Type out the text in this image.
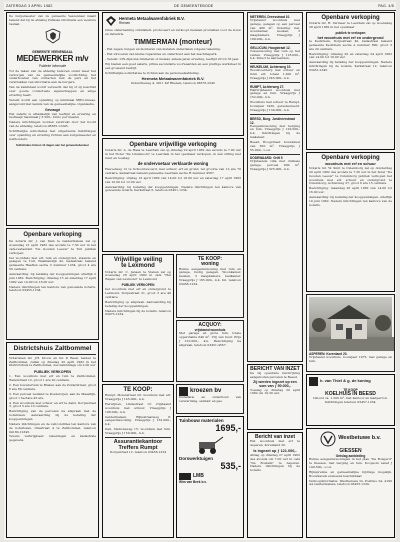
ZATERDAG 3 APRIL 1982	DE GEMEENTEBODE	PAG. 4/5

De burgemeester van de gemeente Veenendaal maakt bekend dat bij de afdeling Publieke Informatie een vacature bestaat.

GEMEENTE VEENENDAAL
MEDEWERKER m/v
Publieke Informatie

Tot de taken van de afdeling behoren onder meer het verzorgen van de gemeentelijke voorlichting, het onderhouden van contacten met de pers en het verstrekken van informatie aan de burgers.

Van de kandidaat wordt verwacht dat hij of zij beschikt over goede contactuele eigenschappen en enige ervaring heeft.

Vereist wordt een opleiding op minimaal MBO-niveau, aangevuld met kennis van de gemeentelijke organisatie.

Gevraagd

Het salaris is afhankelijk van leeftijd en ervaring en bedraagt maximaal ƒ 3.500,- bruto per maand.

Nadere inlichtingen worden verstrekt door het hoofd van de afdeling, telefoon 08385-12345.

Schriftelijke sollicitaties met uitgebreide inlichtingen over opleiding en ervaring richten aan burgemeester en wethouders.

Sollicitaties binnen 14 dagen aan het gemeentebestuur
Openbare verkoping

De notaris mr. J. van Dam te Geldermalsen zal op woensdag 21 april 1982 des avonds te 7.30 uur in het café-restaurant "De Gouden Leeuw" te Tuil publiek verkopen:

het woonhuis met erf, tuin en ondergrond, staande en gelegen te Tuil, Waalbandijk 42, kadastraal bekend gemeente Haaften sectie C nummer 1234, groot 4 are 50 centiare.

Aanvaarding: bij betaling der kooppenningen uiterlijk 2 juni 1982. Bezichtiging: dinsdag 13 en zaterdag 17 april 1982 van 14.00 tot 16.00 uur.

Nadere inlichtingen ten kantore van genoemde notaris, telefoon 03455-1234.

Districtshuis Zaltbommel

Notarissen mr. J.H. Kroon en mr. P. Beek, beiden te Zaltbommel, zullen op dinsdag 20 april 1982 in het Districtshuis te Zaltbommel, des namiddags om 2.00 uur

PUBLIEK VERKOPEN

1. Een woonhuis met erf en tuin te Zaltbommel, Waterstraat 12, groot 1 are 20 centiare.

2. Een bouwterrein te Brakel, aan de Zuiderstraat, groot 6 are 80 centiare.

3. Een perceel weiland te Poederoijen, aan de Maasdijk, groot 1 hectare 45 are.

4. Een woonhuis met schuur en erf te Aalst, Dorpsstraat 3, groot 5 are 10 centiare.

Bezichtiging van de percelen na afspraak met de notarissen. Aanvaarding bij de betaling der kooppenningen.

Nadere inlichtingen en de veilcondities ten kantore van de notarissen, Oliestraat 4 te Zaltbommel, telefoon 04180-12345.

Tevens verkrijgbaar: tekeningen en kadastrale gegevens.

Hermeta Metaalwarenfabriek B.V.
Rhenen

Onze onderneming ontwikkelt, produceert en verkoopt metalen produkten voor de bouw en industrie.

TIMMERMAN (monteur)

- Het zagen, buigen en monteren van metalen onderdelen volgens tekening.

- Het uitvoeren van kleine reparaties en onderhoud aan het machinepark.

- Vereist: LTS-diploma timmeren of metaal, enkele jaren ervaring, leeftijd 20 tot 35 jaar.

Wij bieden een goed salaris, prima secundaire voorwaarden en een prettige werksfeer in een groeiend bedrijf.

Schriftelijke sollicitaties te richten aan de personeelsafdeling.

Hermeta Metaalwarenfabriek B.V.

Industrieweg 4, 3911 KZ Rhenen, telefoon 08376-2345

Openbare vrijwillige verkoping

Notaris mr. A. de Haas te Leerdam zal op dinsdag 20 april 1982 des avonds te 7.00 uur in het Hotel "De Lindeboom" te Leerdam in het openbaar verkopen, in één zitting met inzet en toeslag:

de ondervoetaar verklaarde woning

Heuvelweg 12 te Schoonrewoerd, met schuur, erf en grond, ter grootte van 12 are 70 centiare, kadastraal bekend gemeente Leerdam sectie H nummer 4567.

Bezichtiging: vrijdag 16 april 1982 van 14.00 tot 16.00 uur en zaterdag 17 april 1982 van 10.00 tot 12.00 uur.

Aanvaarding: bij betaling der kooppenningen. Nadere inlichtingen ten kantore van genoemde notaris, Kerkstraat 6, telefoon 03451-1234.

Vrijwillige veiling
te Lexmond

Notaris mr. C. Jansen te Vianen zal op woensdag 28 april 1982 in café "Het Wapen van Lexmond" te Lexmond

PUBLIEK VERKOPEN

het woonhuis met erf en ondergrond te Lexmond, Dorpsstraat 21, groot 3 are 40 centiare.

Bezichtiging op afspraak. Aanvaarding bij betaling der kooppenningen.

Nadere inlichtingen bij de notaris, telefoon 03473-1234.

TE KOOP:
woning

Ruime eengezinswoning met tuin en garage, rustig gelegen. Woonkamer, keuken, 3 slaapkamers, badkamer. Vraagprijs ƒ 165.000,- k.k. Inl. telefoon 03458-1234.

ACQUOY:
vrijstaand woonhuis

Met garage en grote tuin, totale oppervlakte 640 m². Vrij van huur. Prijs ƒ 210.000,- k.k. Bezichtiging na afspraak, telefoon 03451-4567.

TE KOOP:

Rumpt, Molenstraat 20: woonhuis met erf. Vraagprijs ƒ 145.000,- k.k.

Herwijnen, Lindestraat 12: vrijstaand woonhuis met schuur. Vraagprijs ƒ 198.000,- k.k.

Geldermalsen, Rijksstraatweg 8: eengezinswoning. Vraagprijs ƒ 132.000,- k.k.

Deil, Stationsweg 15: woonhuis met tuin. Vraagprijs ƒ 159.000,- k.k.

Assurantiekantoor Treffers Rumpt

Dorpsstraat 12, telefoon 03458-1234

kroezen bv

Installatie en onderhoud van verwarming, sanitair en gas.

Tuinbouw materialen
1695,-
Dorswerktuigen
535,-
LMB
Wim van Beek b.v.
METEREN, Dreesstraat 10.

Vrijstaand woonhuis met garage, gelegen op een perceel van 480 m². Indeling: hal, woonkamer, keuken, 3 slaapkamers. Vraagprijs ƒ 189.000,- k.k.

GELLICUM, Hoogstraat 12.

Tussenwoning met tuin op het zuiden. Vraagprijs ƒ 118.000,- k.k. Direct te aanvaarden.

HEUKELUM, Achterweg 10.

Woonboerderij met schuur en ruim erf, totaal 1.200 m². Vraagprijs ƒ 245.000,- k.k.

RUMPT, Achterweg 27.

Halfvrijstaand woonhuis met garage en tuin. Vraagprijs ƒ 152.000,- k.k.

Woonhuis met schuur te Rumpt, bouwjaar 1930, gerestaureerd. Vraagprijs ƒ 139.000,- k.k.

BEESD, Burg. Jonkheerstraat 12.

Eengezinswoning met berging en tuin. Vraagprijs ƒ 129.500,- k.k. Inlichtingen bij de makelaar.

Beesd, Hoogstraat: bouwkavel van 620 m². Vraagprijs ƒ 55.000,- v.o.n.

DODEWAARD: Grift 5

Vrijstaande villa met dubbele garage, perceel 900 m². Vraagprijs ƒ 325.000,- k.k.

BERICHT VAN INZET

De bij openbare inschrijving aangeboden percelen te Beesd.

Zij werden ingezet op een som van ƒ 50.000,-

Toeslag op dinsdag 20 april 1982 om 19.30 uur.

Bericht van inzet

Het woonhuis met erf te Asperen, Korenland 20.

Is ingezet op ƒ 121.000,-

Afslag op dinsdag 27 april 1982 des avonds om 7.00 uur in café "De Roskam" te Asperen. Nadere inlichtingen bij de notaris.

Openbare verkoping

Notaris mr. H. Vermeer te Leerdam zal op woensdag 28 april 1982 in het openbaar

publiek te verkopen
het woonhuis met erf en ondergrond

te Kedichem, Dorpsstraat 40, kadastraal bekend gemeente Kedichem sectie A nummer 890, groot 3 are 20 centiare.

Bezichtiging: dinsdag 20 en zaterdag 24 april 1982 van 14.00 tot 16.00 uur.

Aanvaarding bij betaling der kooppenningen. Nadere inlichtingen bij de notaris, Kerkstraat 12, telefoon 03451-2345.

Openbare verkoping
woonhuis met erf en schuur

Notaris mr. W. Smit te Culemborg zal op donderdag 29 april 1982 des avonds te 7.30 uur in het hotel "De Gouden Leeuw" te Culemborg publiek verkopen het woonhuis met erf, schuur en ondergrond te Culemborg, Achterweg 27, groot 6 are 15 centiare.

Bezichtiging: maandag 26 april 1982 van 14.00 tot 16.00 uur.

Aanvaarding: bij betaling der kooppenningen, uiterlijk 10 juni 1982. Nadere inlichtingen ten kantore van de notaris.

ASPEREN: Korenland 20.

Vrijstaand woonhuis, bouwjaar 1975, met garage en tuin.

h. van Thiel & g. de koning
TE KOOP
KOELHUIS IN BEESD

Inhoud ca. 1.200 m³, met kantoor en laadperron. Inlichtingen telefoon 03457-1234.

Westbetuwe b.v.
GIESSEN
Ontslag aanbieding

Ruime eengezinswoningen in het plan "De Bongerd" te Giessen, met berging en tuin. Koopsom vanaf ƒ 149.500,- v.o.n.

Rijkspremie en gemeentelijke bijdrage mogelijk. Bouwkavels eveneens beschikbaar.

Verkoopinformatie: Westbetuwe bv, Postbus 24, 4190 AA Geldermalsen, telefoon 03455-1234.
